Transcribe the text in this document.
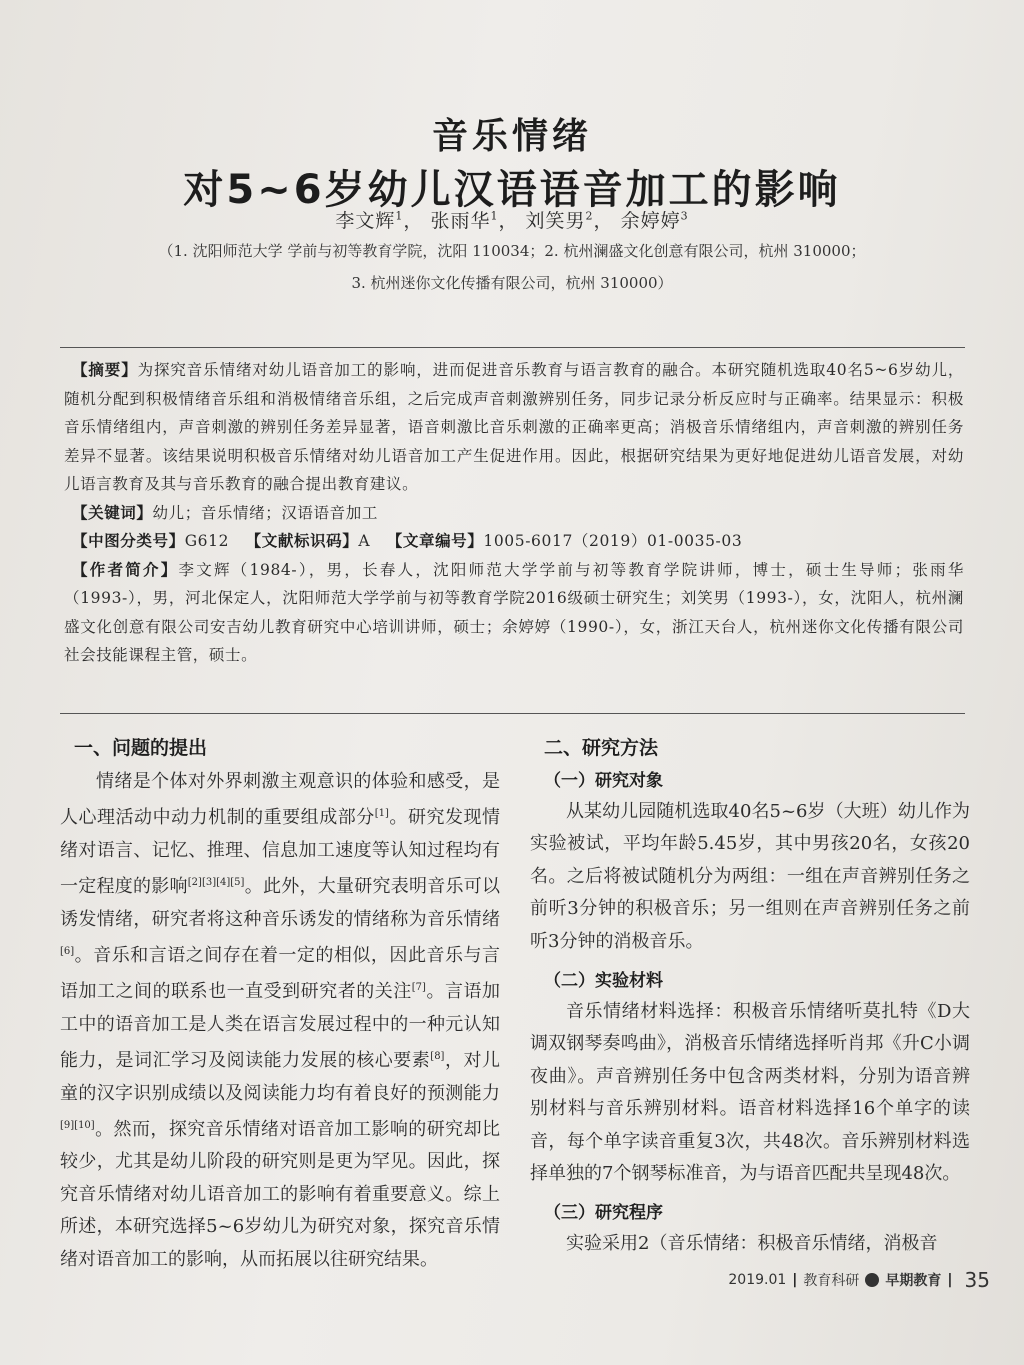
音乐情绪
对5~6岁幼儿汉语语音加工的影响
李文辉$^1$， 张雨华$^1$， 刘笑男$^2$， 余婷婷$^3$
（1. 沈阳师范大学 学前与初等教育学院，沈阳 110034；2. 杭州澜盛文化创意有限公司，杭州 310000；
3. 杭州迷你文化传播有限公司，杭州 310000）

【摘要】为探究音乐情绪对幼儿语音加工的影响，进而促进音乐教育与语言教育的融合。本研究随机选取40名5~6岁幼儿，随机分配到积极情绪音乐组和消极情绪音乐组，之后完成声音刺激辨别任务，同步记录分析反应时与正确率。结果显示：积极音乐情绪组内，声音刺激的辨别任务差异显著，语音刺激比音乐刺激的正确率更高；消极音乐情绪组内，声音刺激的辨别任务差异不显著。该结果说明积极音乐情绪对幼儿语音加工产生促进作用。因此，根据研究结果为更好地促进幼儿语音发展，对幼儿语言教育及其与音乐教育的融合提出教育建议。

【关键词】幼儿；音乐情绪；汉语语音加工

【中图分类号】G612 【文献标识码】A 【文章编号】1005-6017（2019）01-0035-03

【作者简介】李文辉（1984-），男，长春人，沈阳师范大学学前与初等教育学院讲师，博士，硕士生导师；张雨华（1993-），男，河北保定人，沈阳师范大学学前与初等教育学院2016级硕士研究生；刘笑男（1993-），女，沈阳人，杭州澜盛文化创意有限公司安吉幼儿教育研究中心培训讲师，硕士；余婷婷（1990-），女，浙江天台人，杭州迷你文化传播有限公司社会技能课程主管，硕士。

一、问题的提出

情绪是个体对外界刺激主观意识的体验和感受，是人心理活动中动力机制的重要组成部分[1]。研究发现情绪对语言、记忆、推理、信息加工速度等认知过程均有一定程度的影响[2][3][4][5]。此外，大量研究表明音乐可以诱发情绪，研究者将这种音乐诱发的情绪称为音乐情绪[6]。音乐和言语之间存在着一定的相似，因此音乐与言语加工之间的联系也一直受到研究者的关注[7]。言语加工中的语音加工是人类在语言发展过程中的一种元认知能力，是词汇学习及阅读能力发展的核心要素[8]，对儿童的汉字识别成绩以及阅读能力均有着良好的预测能力[9][10]。然而，探究音乐情绪对语音加工影响的研究却比较少，尤其是幼儿阶段的研究则是更为罕见。因此，探究音乐情绪对幼儿语音加工的影响有着重要意义。综上所述，本研究选择5~6岁幼儿为研究对象，探究音乐情绪对语音加工的影响，从而拓展以往研究结果。

二、研究方法
（一）研究对象

从某幼儿园随机选取40名5~6岁（大班）幼儿作为实验被试，平均年龄5.45岁，其中男孩20名，女孩20名。之后将被试随机分为两组：一组在声音辨别任务之前听3分钟的积极音乐；另一组则在声音辨别任务之前听3分钟的消极音乐。

（二）实验材料

音乐情绪材料选择：积极音乐情绪听莫扎特《D大调双钢琴奏鸣曲》，消极音乐情绪选择听肖邦《升C小调夜曲》。声音辨别任务中包含两类材料，分别为语音辨别材料与音乐辨别材料。语音材料选择16个单字的读音，每个单字读音重复3次，共48次。音乐辨别材料选择单独的7个钢琴标准音，为与语音匹配共呈现48次。

（三）研究程序

实验采用2（音乐情绪：积极音乐情绪，消极音

2019.01 | 教育科研 早期教育 | 35
